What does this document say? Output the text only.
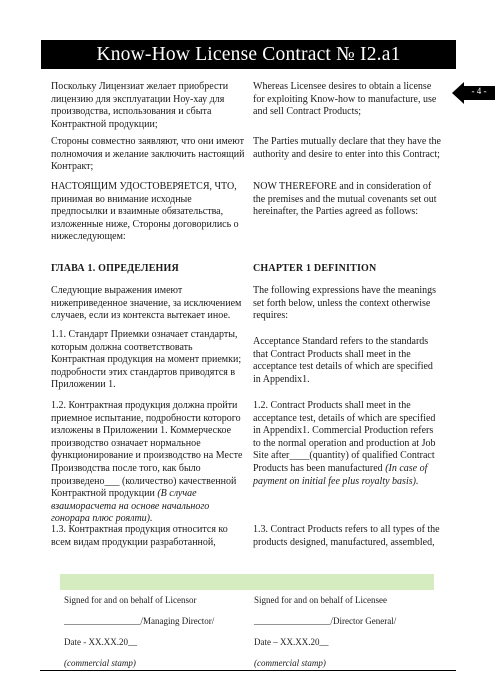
Know-How License Contract № I2.a1
- 4 -

Поскольку Лицензиат желает приобрести лицензию для эксплуатации Ноу-хау для производства, использования и сбыта Контрактной продукции;

Стороны совместно заявляют, что они имеют полномочия и желание заключить настоящий Контракт;

НАСТОЯЩИМ УДОСТОВЕРЯЕТСЯ, ЧТО, принимая во внимание исходные предпосылки и взаимные обязательства, изложенные ниже, Стороны договорились о нижеследующем:

ГЛАВА 1. ОПРЕДЕЛЕНИЯ

Следующие выражения имеют нижеприведенное значение, за исключением случаев, если из контекста вытекает иное.

1.1. Стандарт Приемки означает стандарты, которым должна соответствовать Контрактная продукция на момент приемки; подробности этих стандартов приводятся в Приложении 1.

1.2. Контрактная продукция должна пройти приемное испытание, подробности которого изложены в Приложении 1. Коммерческое производство означает нормальное функционирование и производство на Месте Производства после того, как было произведено___ (количество) качественной Контрактной продукции (В случае взаиморасчета на основе начального гонорара плюс роялти).

1.3. Контрактная продукция относится ко всем видам продукции разработанной,

Whereas Licensee desires to obtain a license for exploiting Know-how to manufacture, use and sell Contract Products;

The Parties mutually declare that they have the authority and desire to enter into this Contract;

NOW THEREFORE and in consideration of the premises and the mutual covenants set out hereinafter, the Parties agreed as follows:

CHAPTER 1 DEFINITION

The following expressions have the meanings set forth below, unless the context otherwise requires:

Acceptance Standard refers to the standards that Contract Products shall meet in the acceptance test details of which are specified in Appendix1.

1.2. Contract Products shall meet in the acceptance test, details of which are specified in Appendix1. Commercial Production refers to the normal operation and production at Job Site after____(quantity) of qualified Contract Products has been manufactured (In case of payment on initial fee plus royalty basis).

1.3. Contract Products refers to all types of the products designed, manufactured, assembled,

Signed for and on behalf of Licensor
_________________/Managing Director/
Date - XX.XX.20__
(commercial stamp)
Signed for and on behalf of Licensee
_________________/Director General/
Date – XX.XX.20__
(commercial stamp)
